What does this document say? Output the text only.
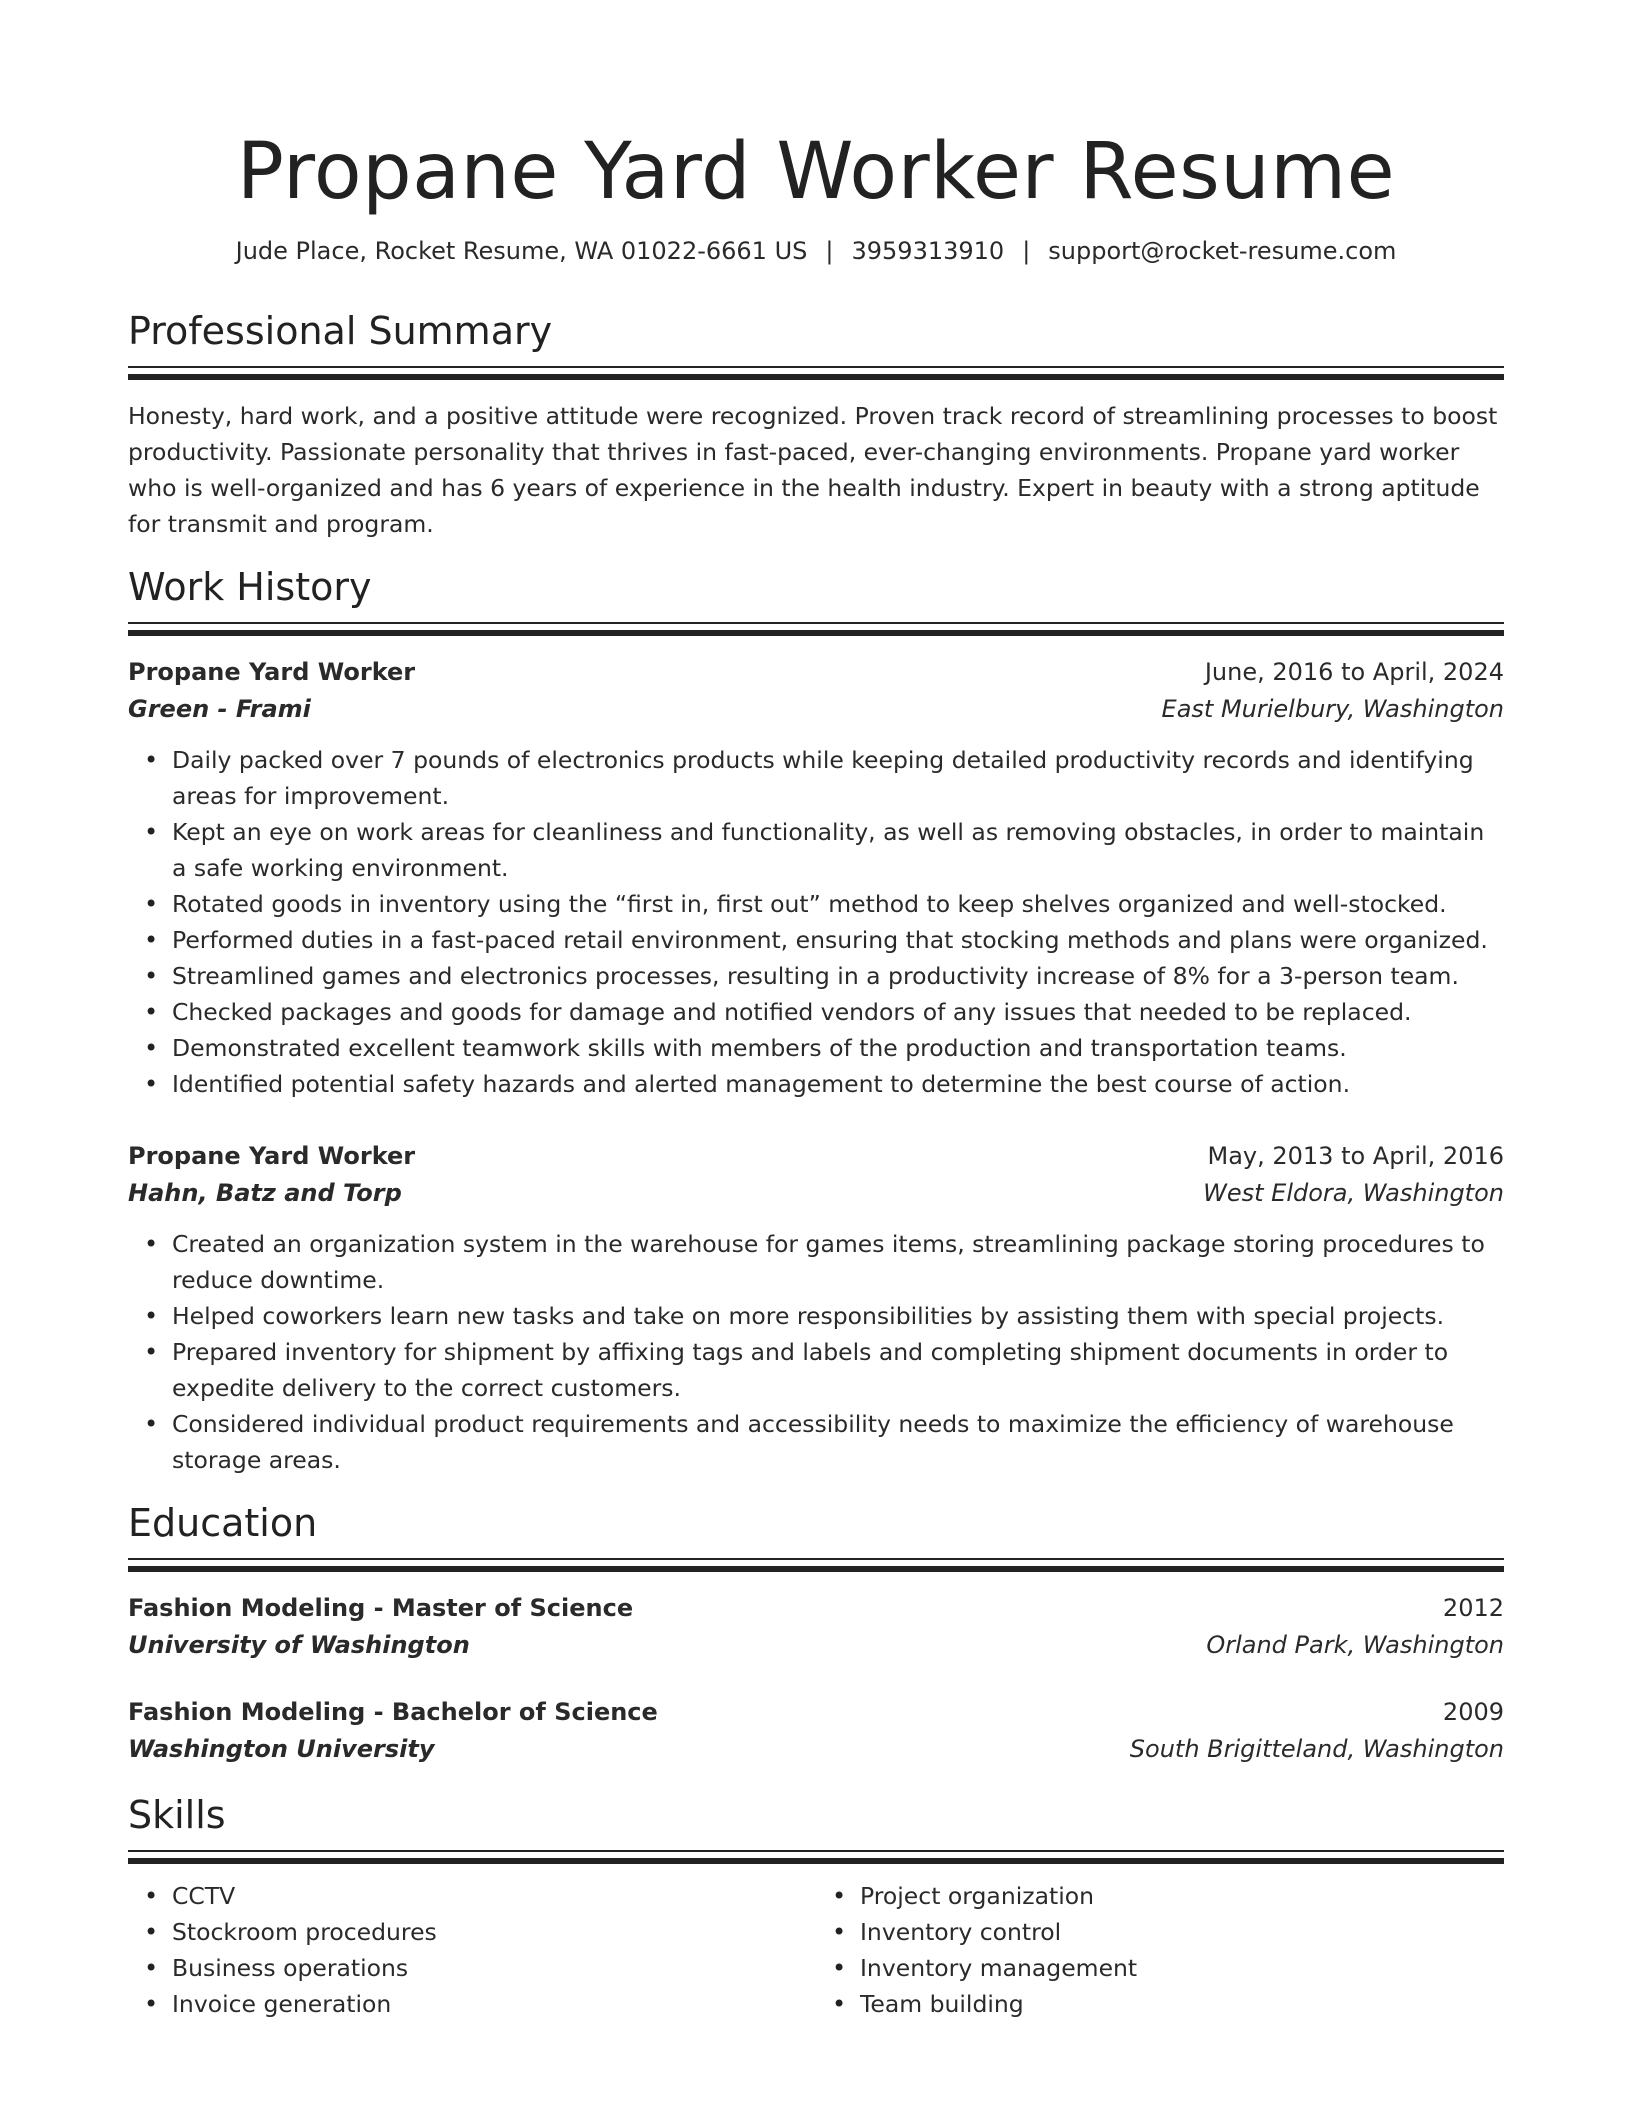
Propane Yard Worker Resume
Jude Place, Rocket Resume, WA 01022-6661 US | 3959313910 | support@rocket-resume.com
Professional Summary

Honesty, hard work, and a positive attitude were recognized. Proven track record of streamlining processes to boost productivity. Passionate personality that thrives in fast-paced, ever-changing environments. Propane yard worker who is well-organized and has 6 years of experience in the health industry. Expert in beauty with a strong aptitude for transmit and program.

Work History
Propane Yard Worker	June, 2016 to April, 2024
Green - Frami	East Murielbury, Washington
• Daily packed over 7 pounds of electronics products while keeping detailed productivity records and identifying areas for improvement.
• Kept an eye on work areas for cleanliness and functionality, as well as removing obstacles, in order to maintain a safe working environment.
• Rotated goods in inventory using the “first in, first out” method to keep shelves organized and well-stocked.
• Performed duties in a fast-paced retail environment, ensuring that stocking methods and plans were organized.
• Streamlined games and electronics processes, resulting in a productivity increase of 8% for a 3-person team.
• Checked packages and goods for damage and notified vendors of any issues that needed to be replaced.
• Demonstrated excellent teamwork skills with members of the production and transportation teams.
• Identified potential safety hazards and alerted management to determine the best course of action.
Propane Yard Worker	May, 2013 to April, 2016
Hahn, Batz and Torp	West Eldora, Washington
• Created an organization system in the warehouse for games items, streamlining package storing procedures to reduce downtime.
• Helped coworkers learn new tasks and take on more responsibilities by assisting them with special projects.
• Prepared inventory for shipment by affixing tags and labels and completing shipment documents in order to expedite delivery to the correct customers.
• Considered individual product requirements and accessibility needs to maximize the efficiency of warehouse storage areas.
Education
Fashion Modeling - Master of Science	2012
University of Washington	Orland Park, Washington
Fashion Modeling - Bachelor of Science	2009
Washington University	South Brigitteland, Washington
Skills
• CCTV
• Stockroom procedures
• Business operations
• Invoice generation
• Project organization
• Inventory control
• Inventory management
• Team building
